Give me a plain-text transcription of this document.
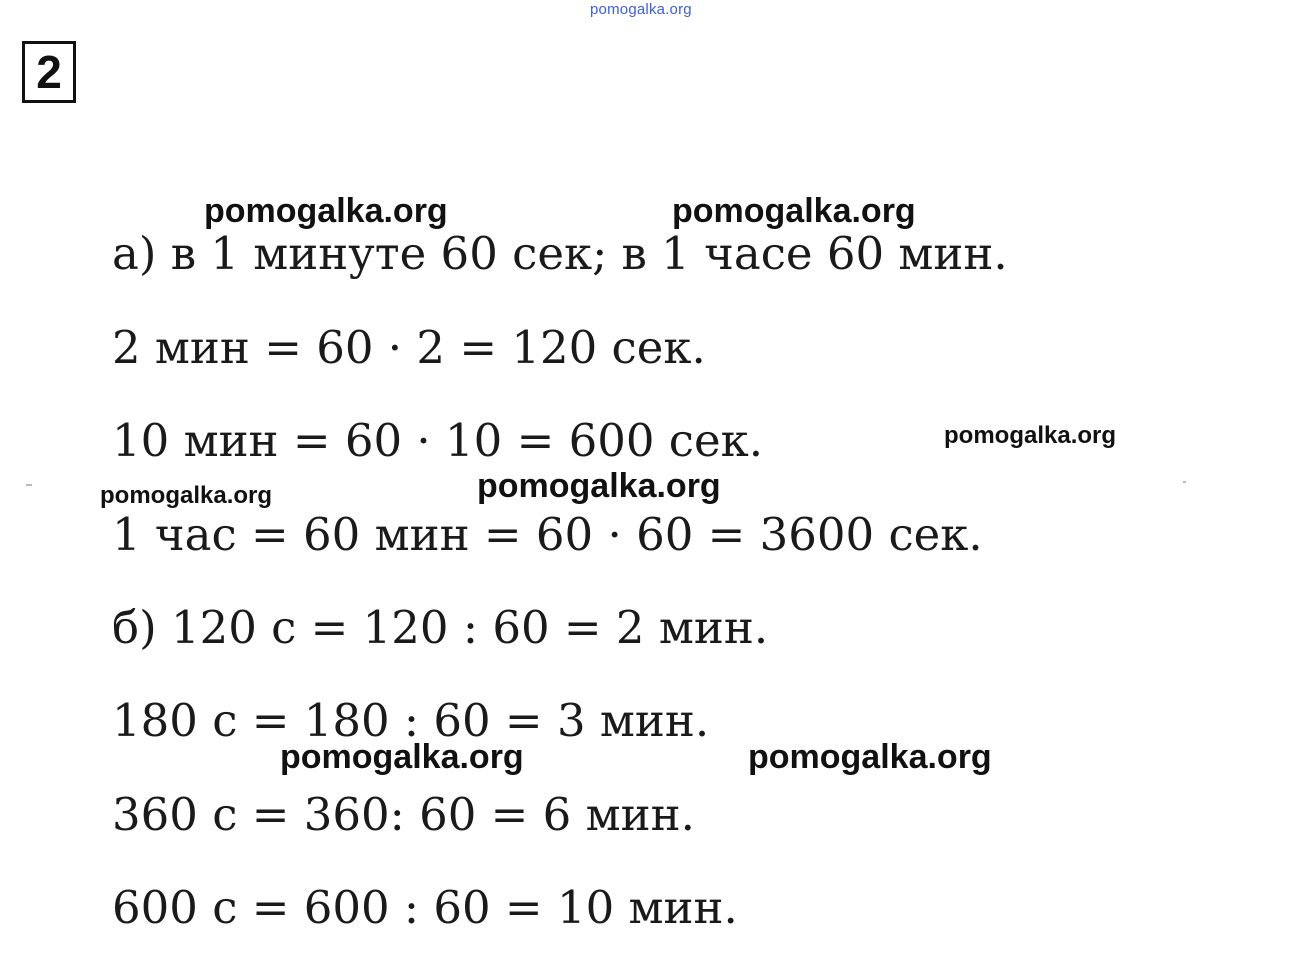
pomogalka.org
2
pomogalka.org	pomogalka.org
а) в 1 минуте 60 сек; в 1 часе 60 мин.
2 мин = 60 · 2 = 120 сек.
10 мин = 60 · 10 = 600 сек.	pomogalka.org
pomogalka.org
pomogalka.org
1 час = 60 мин = 60 · 60 = 3600 сек.
б) 120 с = 120 : 60 = 2 мин.
180 с = 180 : 60 = 3 мин.
pomogalka.org	pomogalka.org
360 с = 360: 60 = 6 мин.
600 с = 600 : 60 = 10 мин.
